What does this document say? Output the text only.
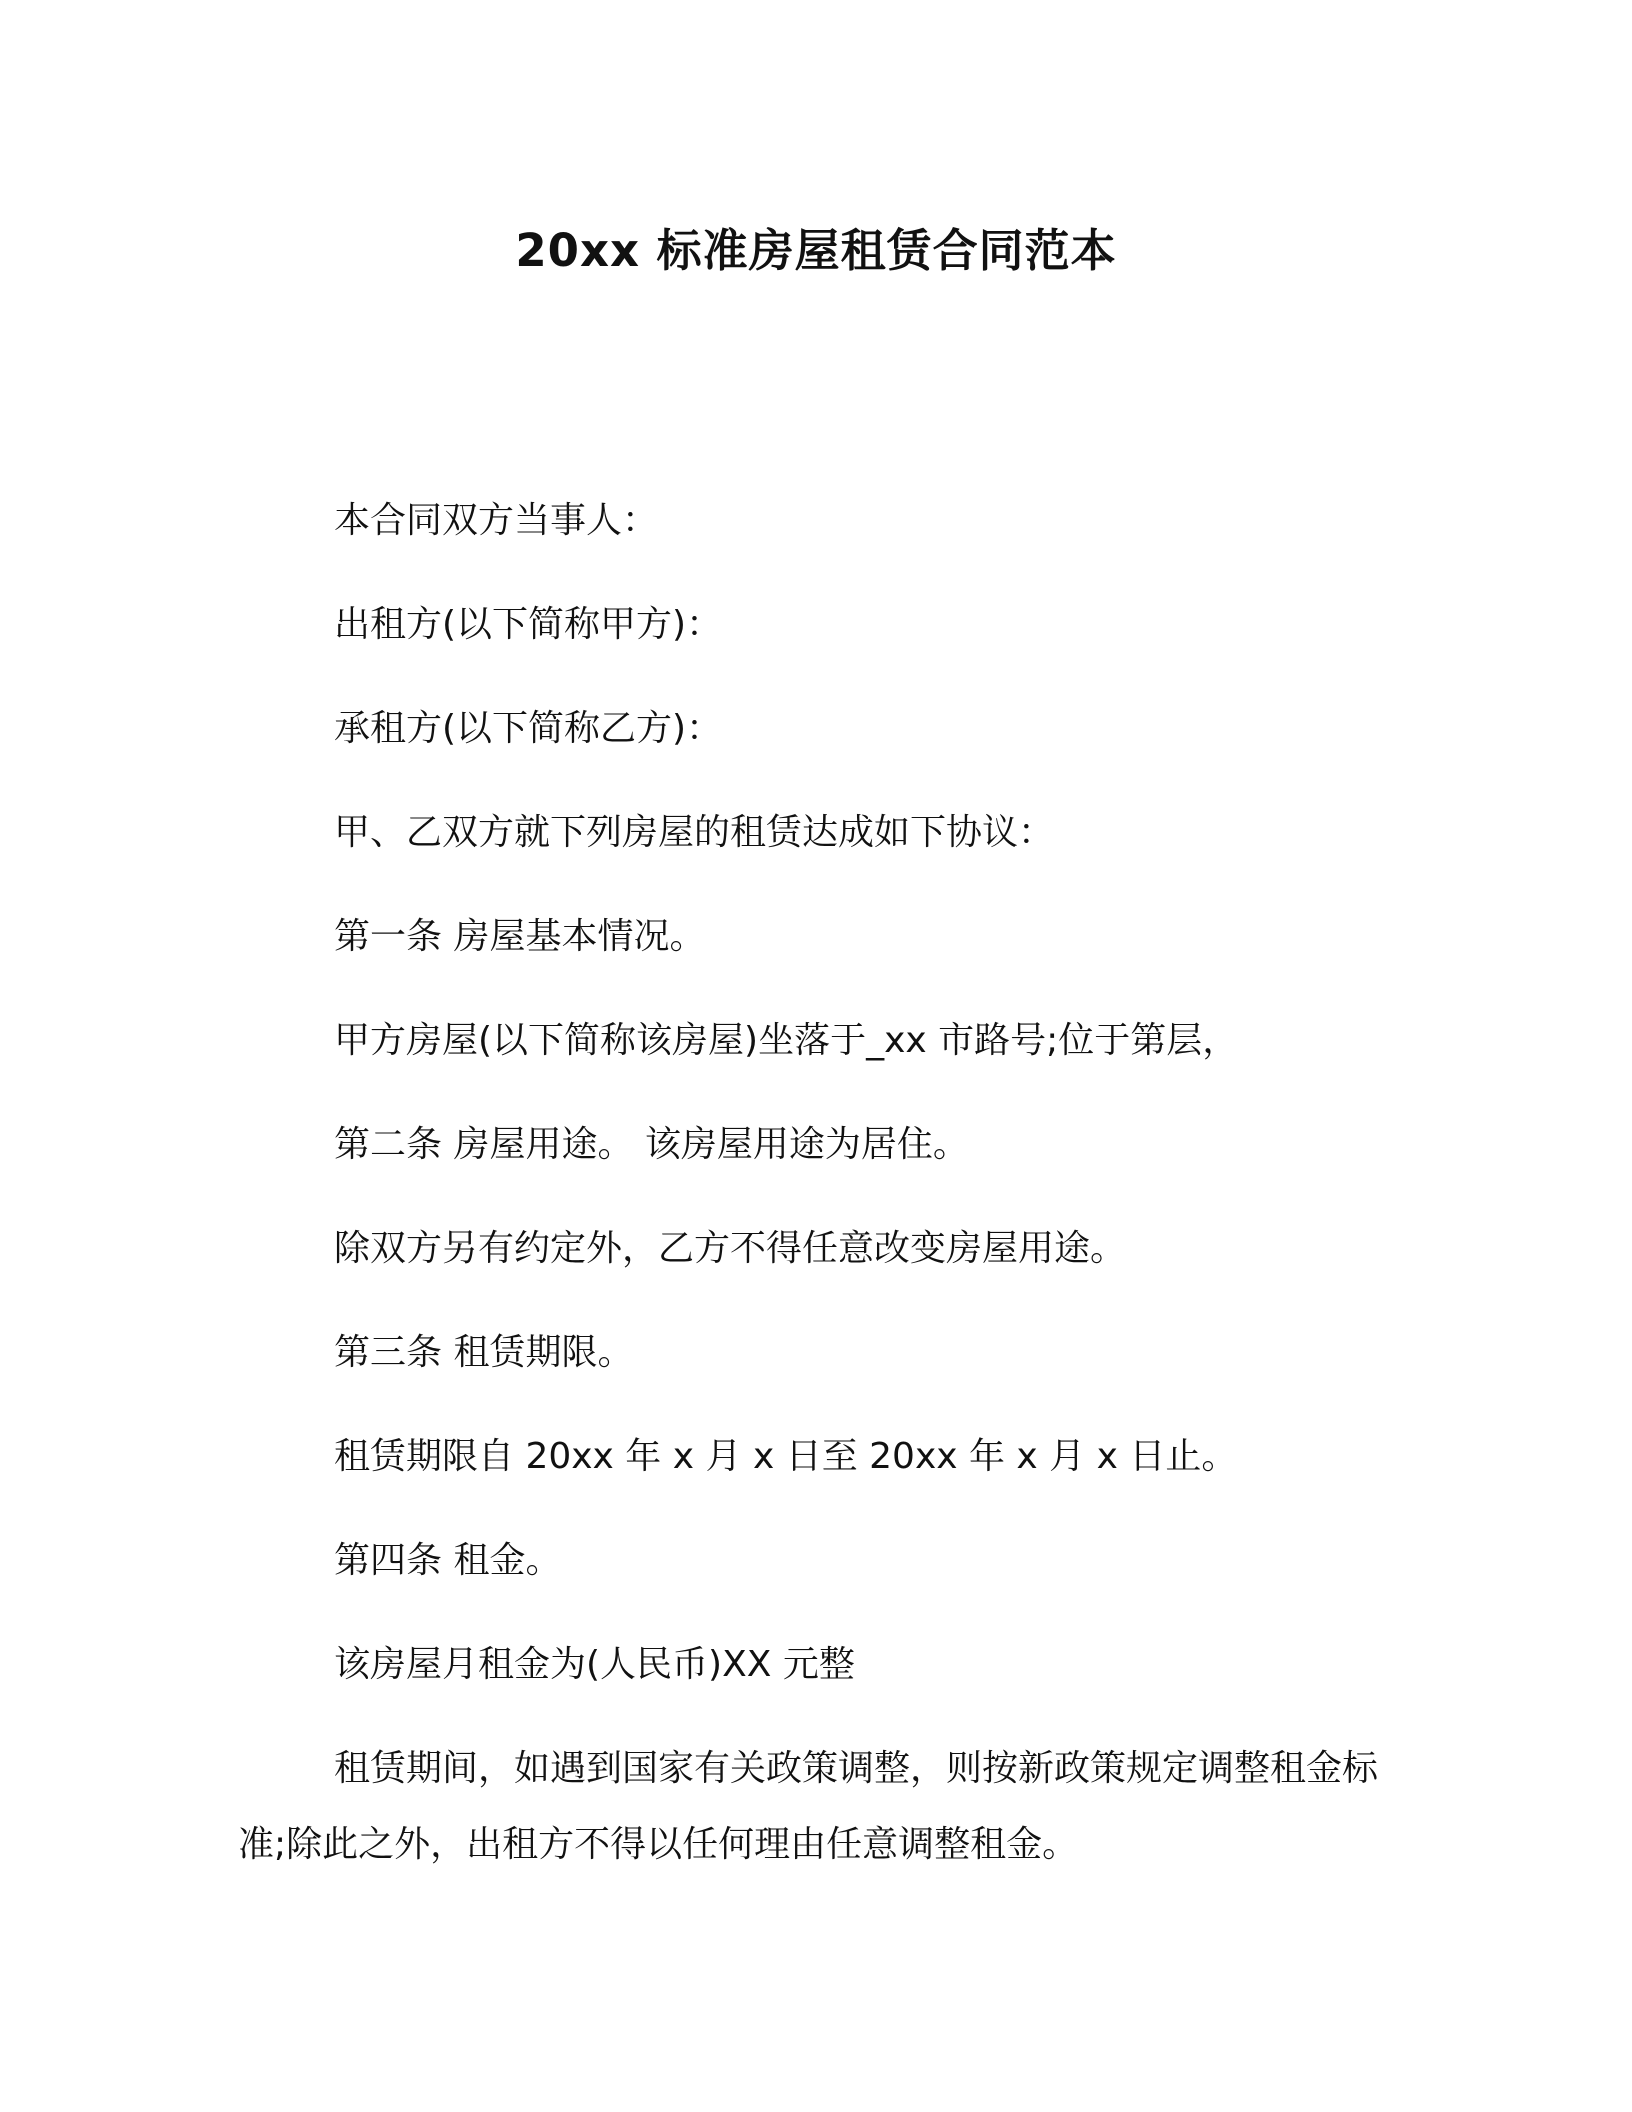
20xx 标准房屋租赁合同范本
本合同双方当事人：
出租方(以下简称甲方)：
承租方(以下简称乙方)：
甲、乙双方就下列房屋的租赁达成如下协议：
第一条 房屋基本情况。
甲方房屋(以下简称该房屋)坐落于_xx 市路号;位于第层，
第二条 房屋用途。 该房屋用途为居住。
除双方另有约定外，乙方不得任意改变房屋用途。
第三条 租赁期限。
租赁期限自 20xx 年 x 月 x 日至 20xx 年 x 月 x 日止。
第四条 租金。
该房屋月租金为(人民币)XX 元整
租赁期间，如遇到国家有关政策调整，则按新政策规定调整租金标准;除此之外，出租方不得以任何理由任意调整租金。
